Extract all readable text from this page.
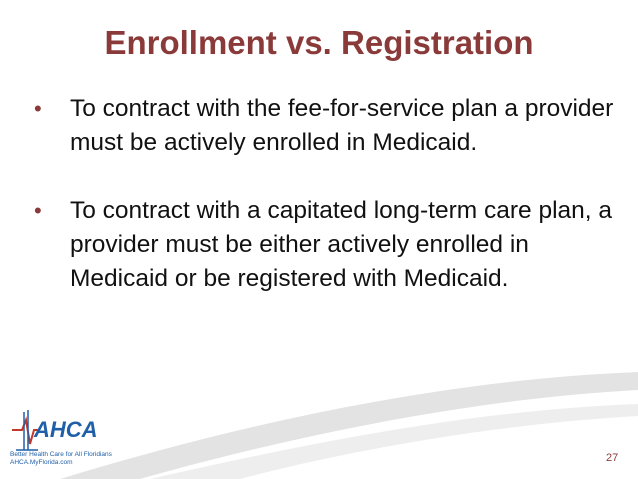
Enrollment vs. Registration
• To contract with the fee-for-service plan a provider must be actively enrolled in Medicaid.
• To contract with a capitated long-term care plan, a provider must be either actively enrolled in Medicaid or be registered with Medicaid.
AHCA
Better Health Care for All Floridians
AHCA.MyFlorida.com	27
